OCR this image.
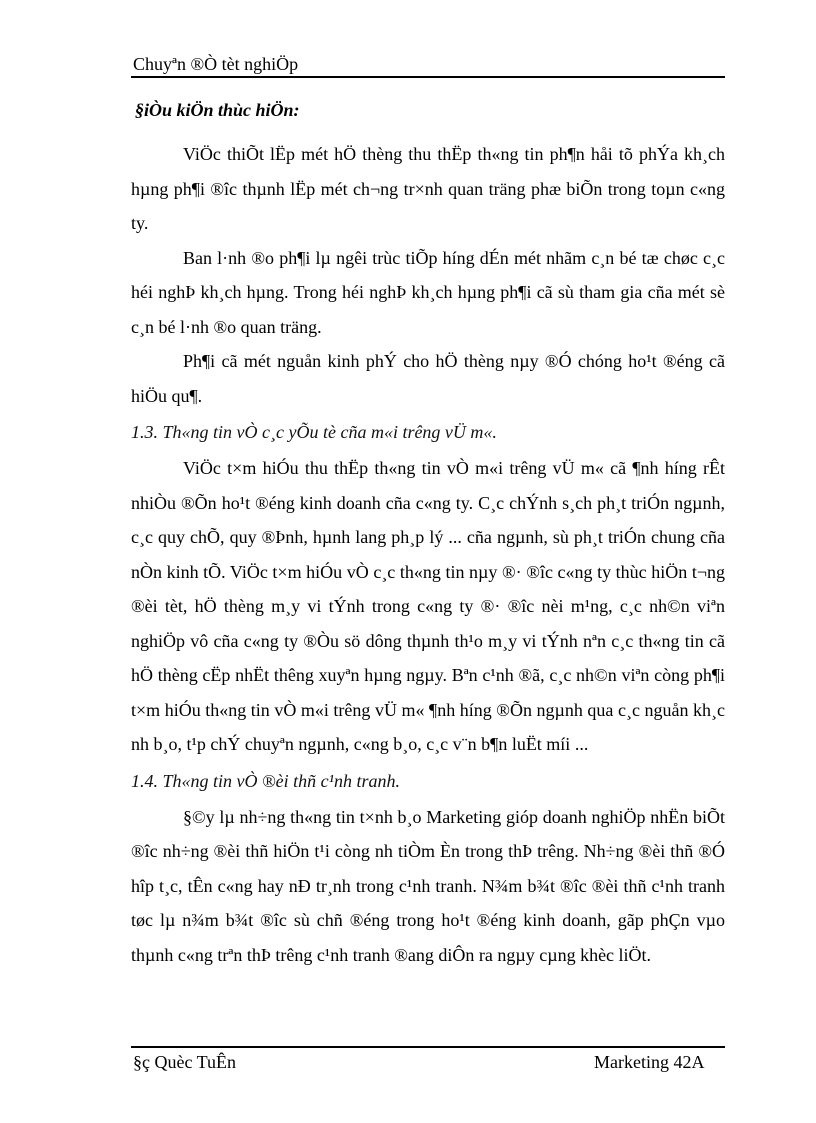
Chuyªn ®Ò tèt nghiÖp
§iÒu kiÖn thùc hiÖn:

ViÖc thiÕt lËp mét hÖ thèng thu thËp th«ng tin ph¶n håi tõ phÝa kh¸ch hµng ph¶i ®îc thµnh lËp mét ch¬ng tr×nh quan träng phæ biÕn trong toµn c«ng ty.

Ban l·nh ®o ph¶i lµ ngêi trùc tiÕp híng dÉn mét nhãm c¸n bé tæ chøc c¸c héi nghÞ kh¸ch hµng. Trong héi nghÞ kh¸ch hµng ph¶i cã sù tham gia cña mét sè c¸n bé l·nh ®o quan träng.

Ph¶i cã mét nguån kinh phÝ cho hÖ thèng nµy ®Ó chóng ho¹t ®éng cã hiÖu qu¶.

1.3. Th«ng tin vÒ c¸c yÕu tè cña m«i trêng vÜ m«.

ViÖc t×m hiÓu thu thËp th«ng tin vÒ m«i trêng vÜ m« cã ¶nh híng rÊt nhiÒu ®Õn ho¹t ®éng kinh doanh cña c«ng ty. C¸c chÝnh s¸ch ph¸t triÓn ngµnh, c¸c quy chÕ, quy ®Þnh, hµnh lang ph¸p lý ... cña ngµnh, sù ph¸t triÓn chung cña nÒn kinh tÕ. ViÖc t×m hiÓu vÒ c¸c th«ng tin nµy ®· ®îc c«ng ty thùc hiÖn t¬ng ®èi tèt, hÖ thèng m¸y vi tÝnh trong c«ng ty ®· ®îc nèi m¹ng, c¸c nh©n viªn nghiÖp vô cña c«ng ty ®Òu sö dông thµnh th¹o m¸y vi tÝnh nªn c¸c th«ng tin cã hÖ thèng cËp nhËt thêng xuyªn hµng ngµy. Bªn c¹nh ®ã, c¸c nh©n viªn còng ph¶i t×m hiÓu th«ng tin vÒ m«i trêng vÜ m« ¶nh híng ®Õn ngµnh qua c¸c nguån kh¸c nh b¸o, t¹p chÝ chuyªn ngµnh, c«ng b¸o, c¸c v¨n b¶n luËt míi ...

1.4. Th«ng tin vÒ ®èi thñ c¹nh tranh.

§©y lµ nh÷ng th«ng tin t×nh b¸o Marketing gióp doanh nghiÖp nhËn biÕt ®îc nh÷ng ®èi thñ hiÖn t¹i còng nh tiÒm Èn trong thÞ trêng. Nh÷ng ®èi thñ ®Ó hîp t¸c, tÊn c«ng hay nÐ tr¸nh trong c¹nh tranh. N¾m b¾t ®îc ®èi thñ c¹nh tranh tøc lµ n¾m b¾t ®îc sù chñ ®éng trong ho¹t ®éng kinh doanh, gãp phÇn vµo thµnh c«ng trªn thÞ trêng c¹nh tranh ®ang diÔn ra ngµy cµng khèc liÖt.

§ç Quèc TuÊn	Marketing 42A
